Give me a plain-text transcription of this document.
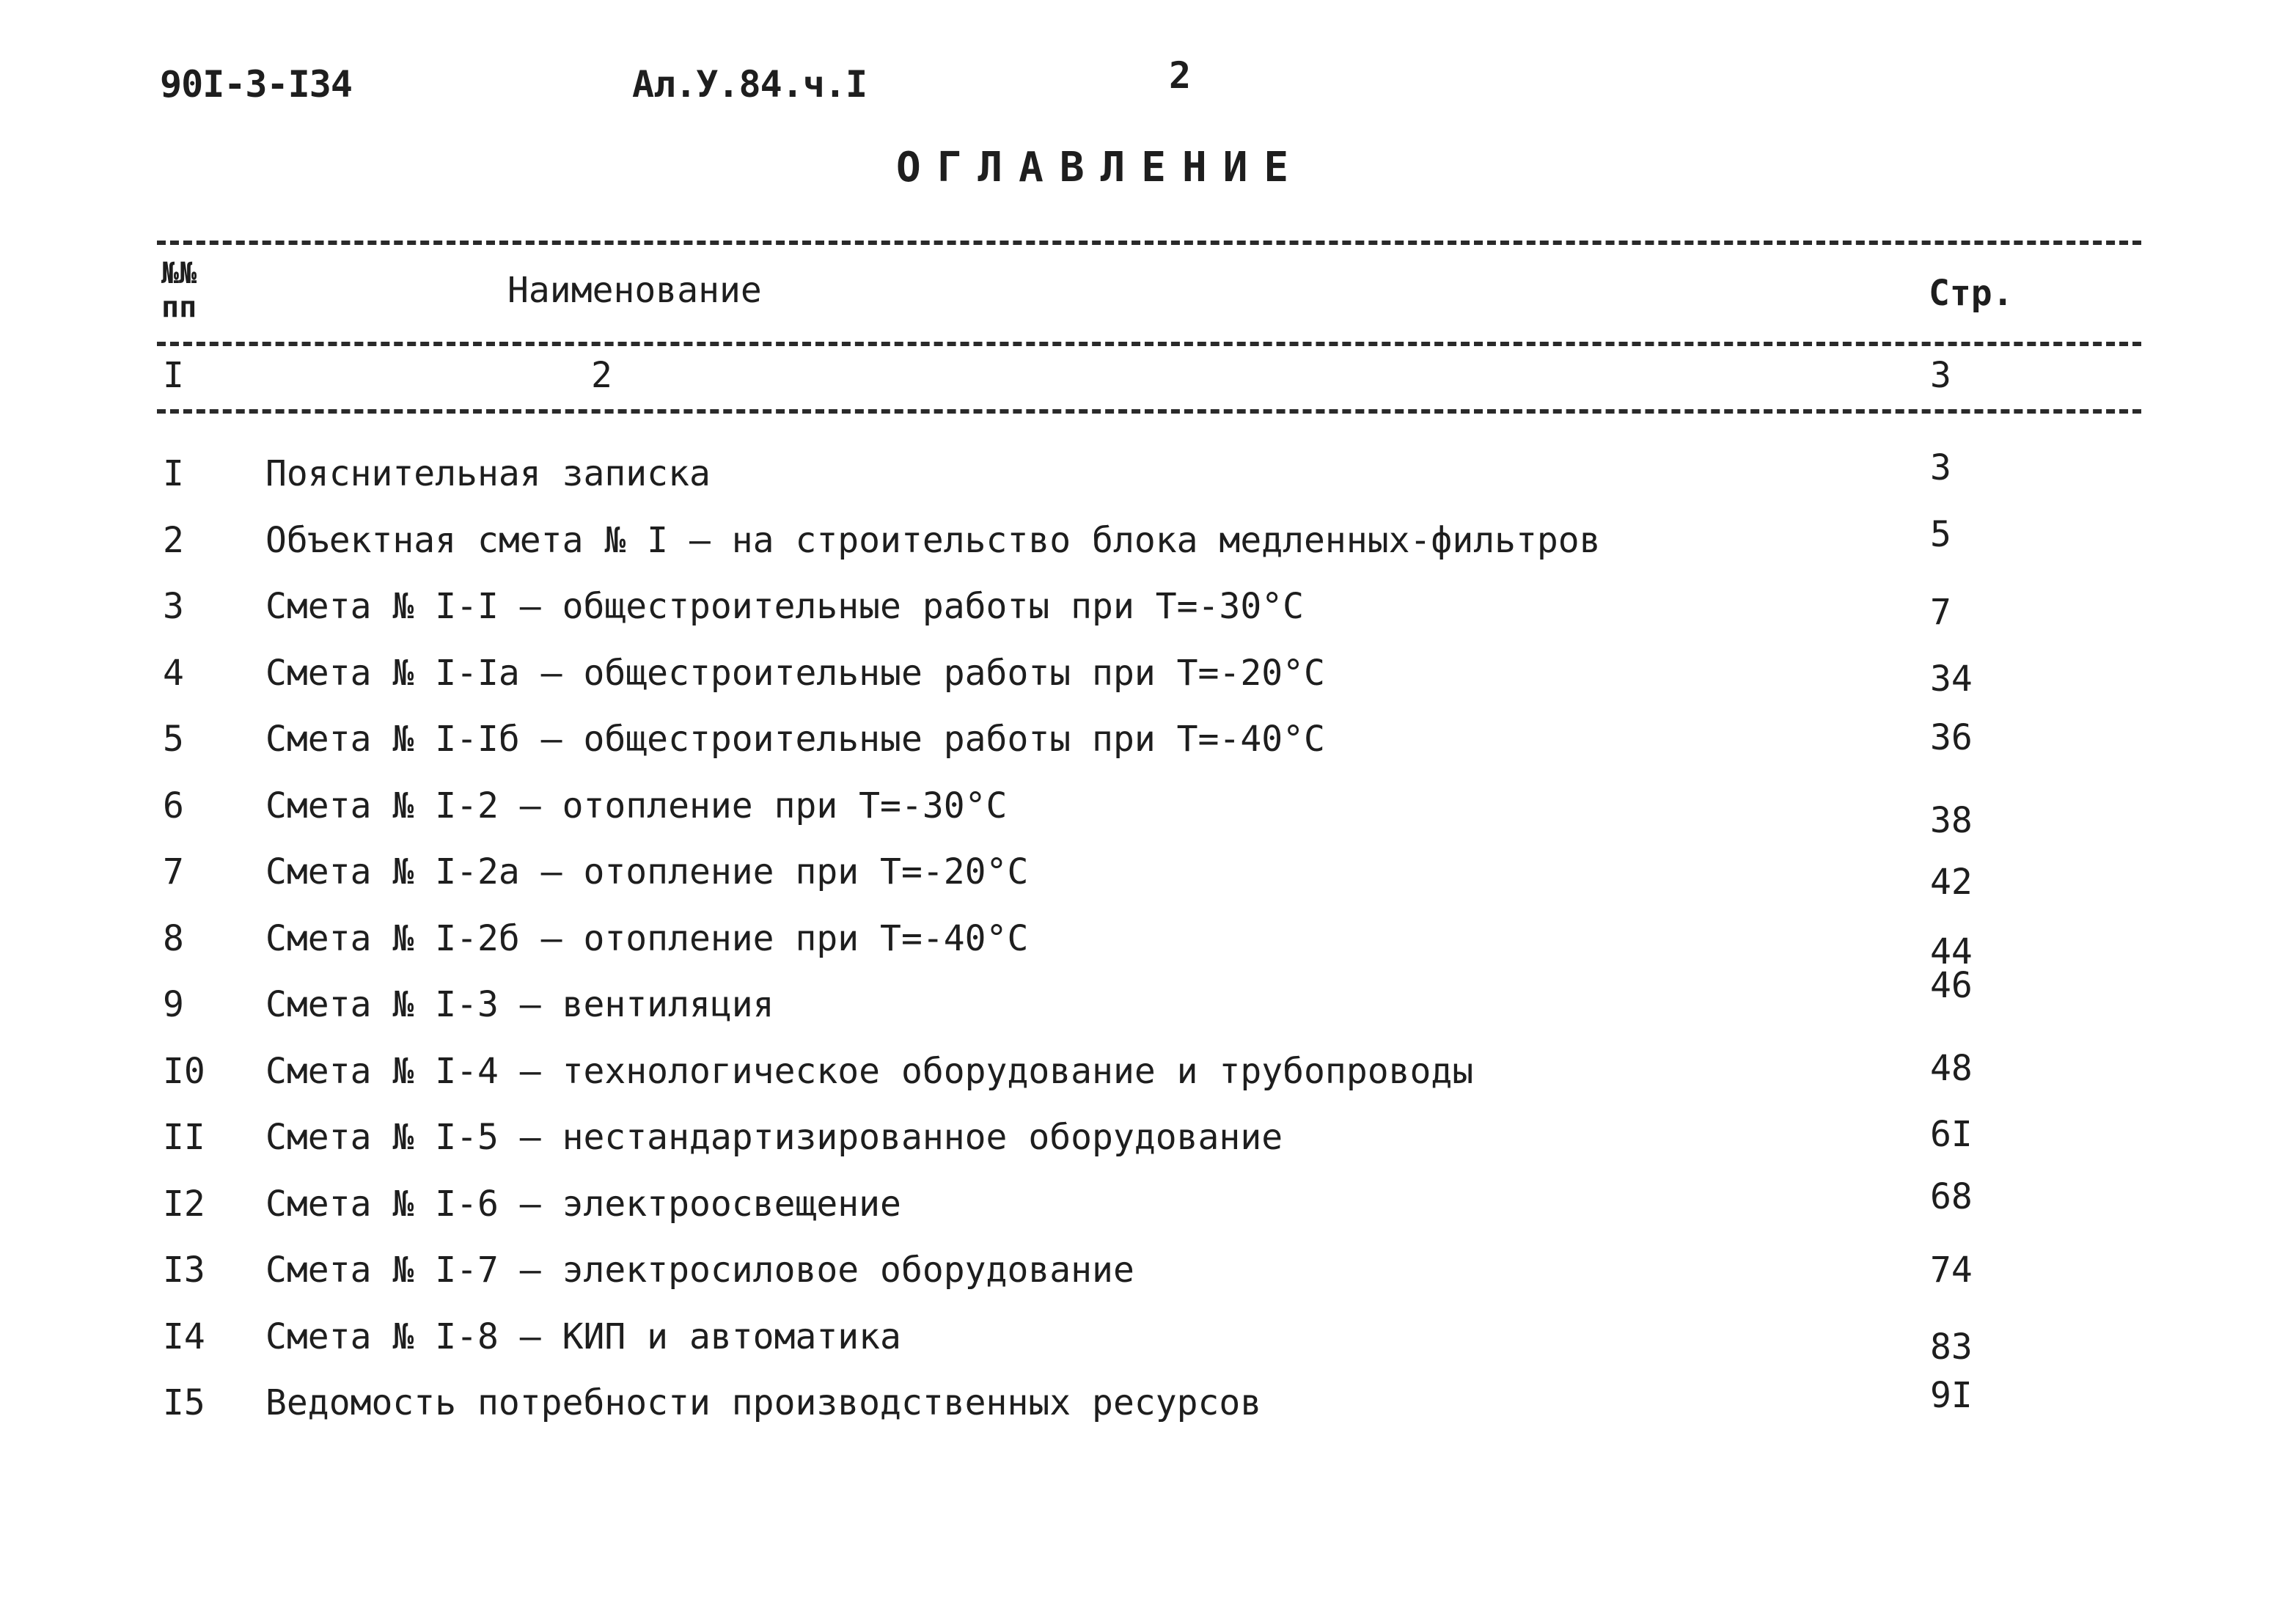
90I-3-I34	Ал.У.84.ч.I	2
ОГЛАВЛЕНИЕ
№№
пп	Наименование	Стр.
I	2	3
I Пояснительная записка	3
2 Объектная смета № I – на строительство блока медленных-фильтров	5
3 Смета № I-I – общестроительные работы при Т=-30°С	7
4 Смета № I-Iа – общестроительные работы при Т=-20°С	34
5 Смета № I-Iб – общестроительные работы при Т=-40°С	36
6 Смета № I-2 – отопление при Т=-30°С	38
7 Смета № I-2а – отопление при Т=-20°С	42
8 Смета № I-2б – отопление при Т=-40°С	44
9 Смета № I-3 – вентиляция	46
I0 Смета № I-4 – технологическое оборудование и трубопроводы	48
II Смета № I-5 – нестандартизированное оборудование	6I
I2 Смета № I-6 – электроосвещение	68
I3 Смета № I-7 – электросиловое оборудование	74
I4 Смета № I-8 – КИП и автоматика	83
I5 Ведомость потребности производственных ресурсов	9I
